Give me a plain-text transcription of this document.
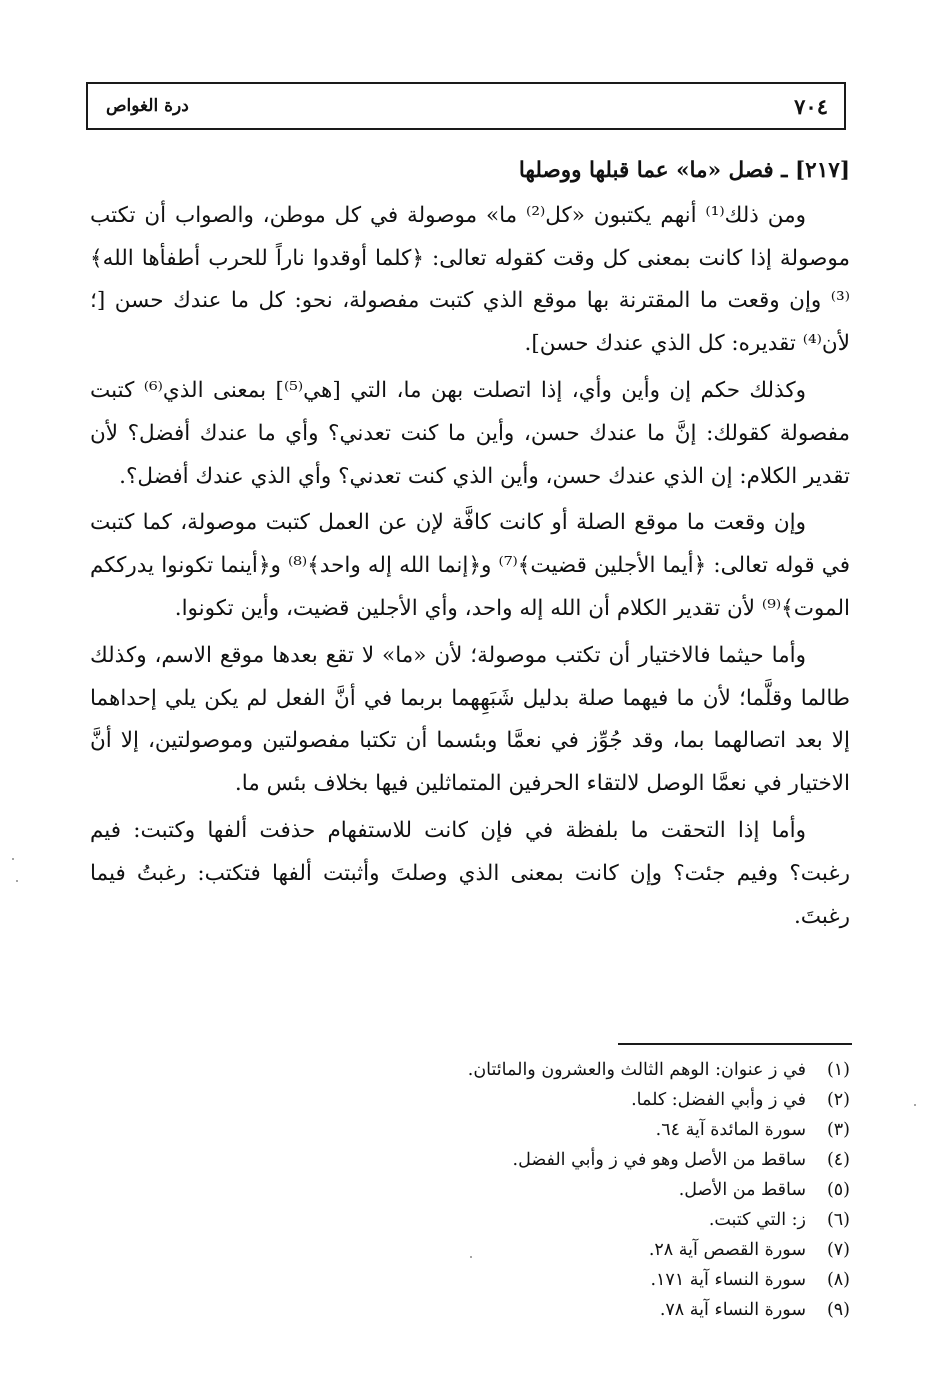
درة الغواص	٧٠٤

[٢١٧] ـ فصل «ما» عما قبلها ووصلها

ومن ذلك⁽¹⁾ أنهم يكتبون «كل⁽²⁾ ما» موصولة في كل موطن، والصواب أن تكتب موصولة إذا كانت بمعنى كل وقت كقوله تعالى: ﴿كلما أوقدوا ناراً للحرب أطفأها الله﴾⁽³⁾ وإن وقعت ما المقترنة بها موقع الذي كتبت مفصولة، نحو: كل ما عندك حسن [؛ لأن⁽⁴⁾ تقديره: كل الذي عندك حسن].

وكذلك حكم إن وأين وأي، إذا اتصلت بهن ما، التي [هي⁽⁵⁾] بمعنى الذي⁽⁶⁾ كتبت مفصولة كقولك: إنَّ ما عندك حسن، وأين ما كنت تعدني؟ وأي ما عندك أفضل؟ لأن تقدير الكلام: إن الذي عندك حسن، وأين الذي كنت تعدني؟ وأي الذي عندك أفضل؟.

وإن وقعت ما موقع الصلة أو كانت كافَّة لإن عن العمل كتبت موصولة، كما كتبت في قوله تعالى: ﴿أيما الأجلين قضيت﴾⁽⁷⁾ و﴿إنما الله إله واحد﴾⁽⁸⁾ و﴿أينما تكونوا يدرككم الموت﴾⁽⁹⁾ لأن تقدير الكلام أن الله إله واحد، وأي الأجلين قضيت، وأين تكونوا.

وأما حيثما فالاختيار أن تكتب موصولة؛ لأن «ما» لا تقع بعدها موقع الاسم، وكذلك طالما وقلَّما؛ لأن ما فيهما صلة بدليل شَبَهِهما بربما في أنَّ الفعل لم يكن يلي إحداهما إلا بعد اتصالهما بما، وقد جُوِّز في نعمَّا وبئسما أن تكتبا مفصولتين وموصولتين، إلا أنَّ الاختيار في نعمَّا الوصل لالتقاء الحرفين المتماثلين فيها بخلاف بئس ما.

وأما إذا التحقت ما بلفظة في فإن كانت للاستفهام حذفت ألفها وكتبت: فيم رغبت؟ وفيم جئت؟ وإن كانت بمعنى الذي وصلتَ وأثبتت ألفها فتكتب: رغبتُ فيما رغبتَ.

(١)
في ز عنوان: الوهم الثالث والعشرون والمائتان.
(٢)
في ز وأبي الفضل: كلما.
(٣)
سورة المائدة آية ٦٤.
(٤)
ساقط من الأصل وهو في ز وأبي الفضل.
(٥)
ساقط من الأصل.
(٦)
ز: التي كتبت.
(٧)
سورة القصص آية ٢٨.
(٨)
سورة النساء آية ١٧١.
(٩)
سورة النساء آية ٧٨.
